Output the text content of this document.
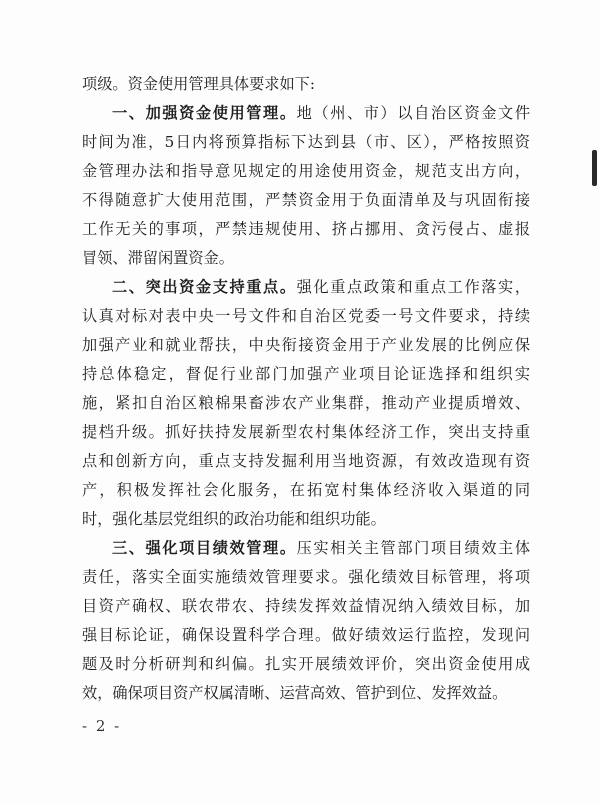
项级。资金使用管理具体要求如下:
一、加强资金使用管理。地（州、市）以自治区资金文件
时间为准，5日内将预算指标下达到县（市、区），严格按照资
金管理办法和指导意见规定的用途使用资金，规范支出方向，
不得随意扩大使用范围，严禁资金用于负面清单及与巩固衔接
工作无关的事项，严禁违规使用、挤占挪用、贪污侵占、虚报
冒领、滞留闲置资金。
二、突出资金支持重点。强化重点政策和重点工作落实，
认真对标对表中央一号文件和自治区党委一号文件要求，持续
加强产业和就业帮扶，中央衔接资金用于产业发展的比例应保
持总体稳定，督促行业部门加强产业项目论证选择和组织实
施，紧扣自治区粮棉果畜涉农产业集群，推动产业提质增效、
提档升级。抓好扶持发展新型农村集体经济工作，突出支持重
点和创新方向，重点支持发掘利用当地资源，有效改造现有资
产，积极发挥社会化服务，在拓宽村集体经济收入渠道的同
时，强化基层党组织的政治功能和组织功能。
三、强化项目绩效管理。压实相关主管部门项目绩效主体
责任，落实全面实施绩效管理要求。强化绩效目标管理，将项
目资产确权、联农带农、持续发挥效益情况纳入绩效目标，加
强目标论证，确保设置科学合理。做好绩效运行监控，发现问
题及时分析研判和纠偏。扎实开展绩效评价，突出资金使用成
效，确保项目资产权属清晰、运营高效、管护到位、发挥效益。
- 2 -
